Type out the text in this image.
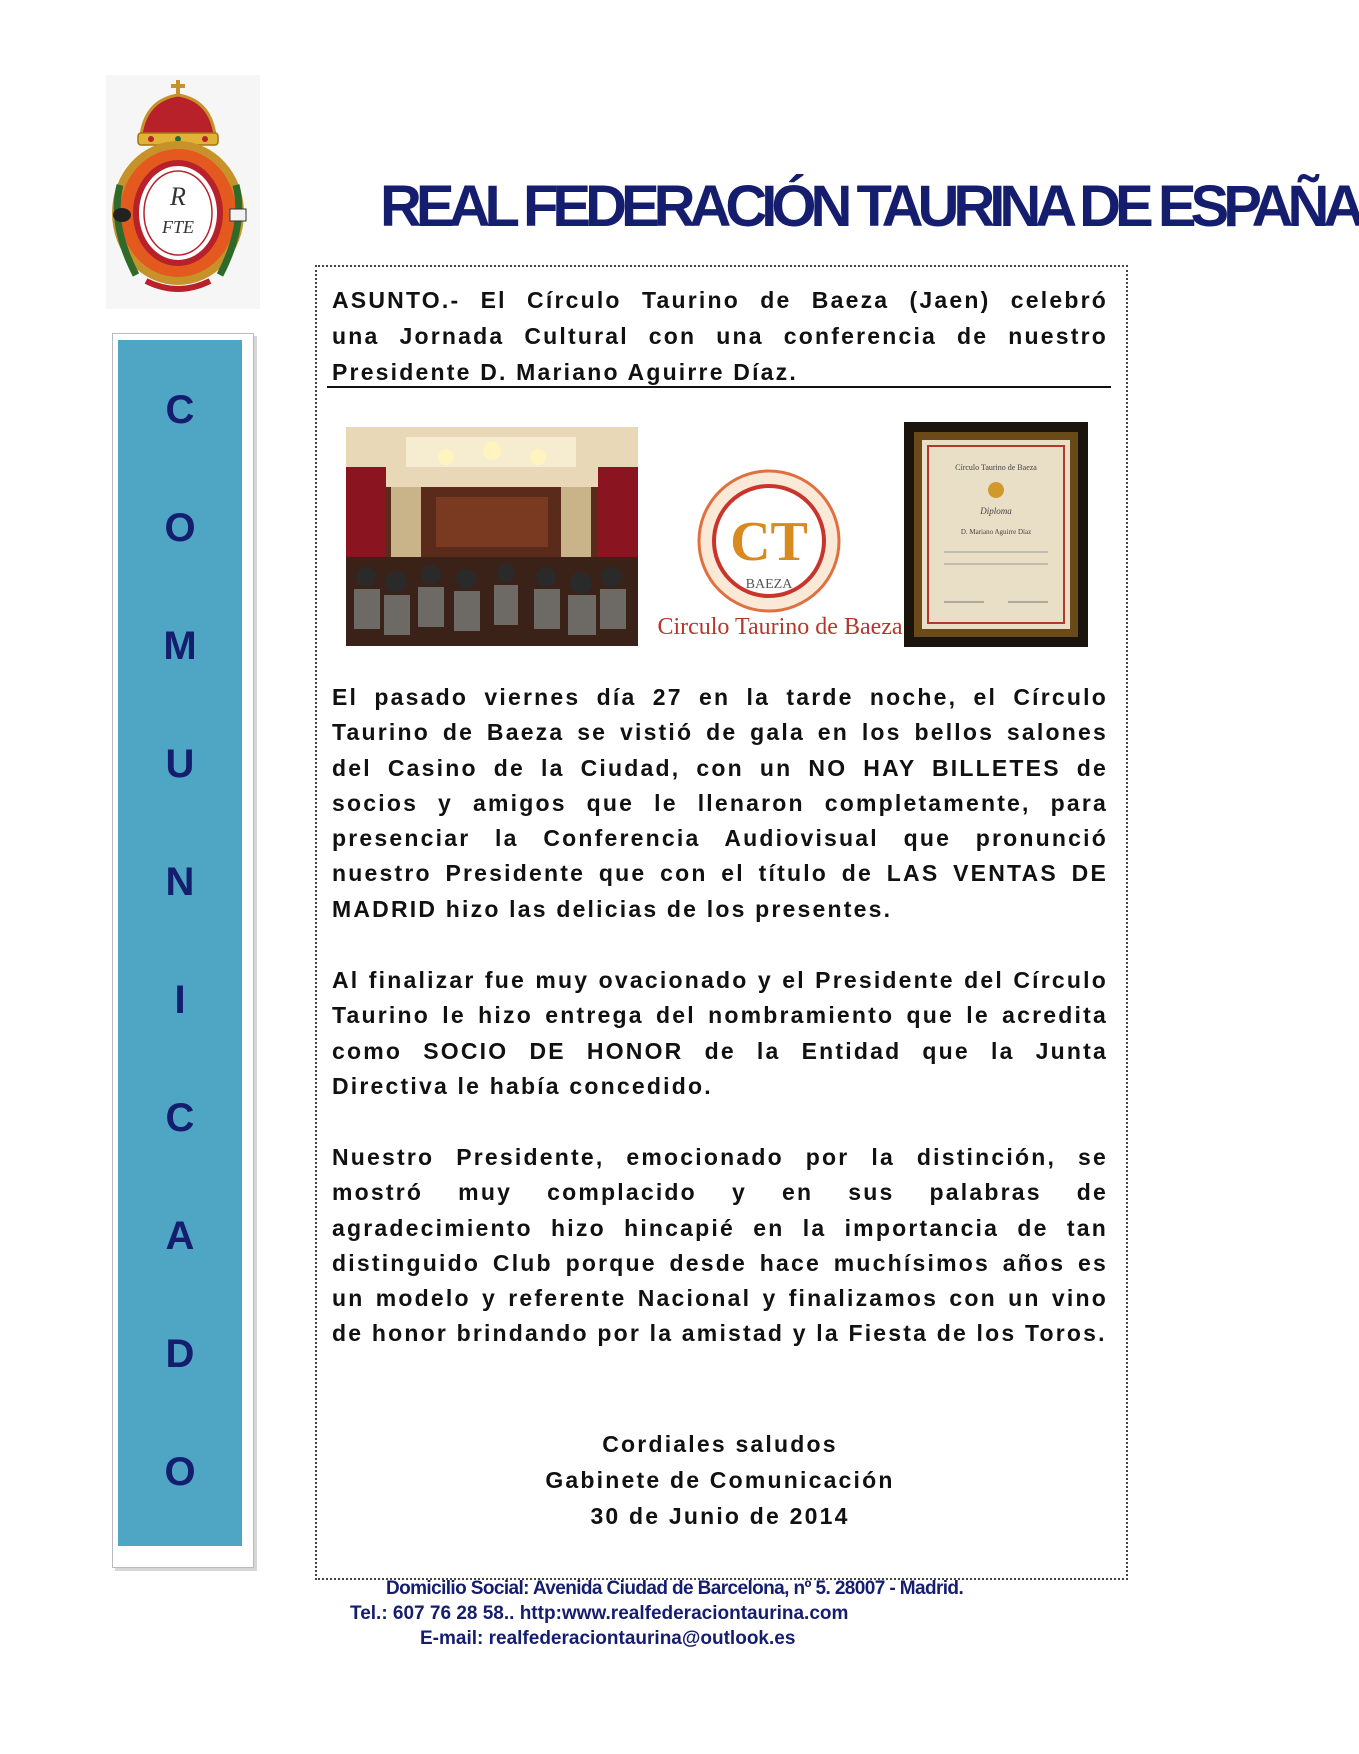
R
FTE	REAL FEDERACIÓN TAURINA DE ESPAÑA
C
O
M
U
N
I
C
A
D
O
ASUNTO.- El Círculo Taurino de Baeza (Jaen) celebró
una Jornada Cultural con una conferencia de nuestro
Presidente D. Mariano Aguirre Díaz.
CT
BAEZA
Circulo Taurino de Baeza
Círculo Taurino de Baeza
Diploma
D. Mariano Aguirre Díaz
El pasado viernes día 27 en la tarde noche, el Círculo Taurino de Baeza se vistió de gala en los bellos salones del Casino de la Ciudad, con un NO HAY BILLETES de socios y amigos que le llenaron completamente, para presenciar la Conferencia Audiovisual que pronunció nuestro Presidente que con el título de LAS VENTAS DE MADRID hizo las delicias de los presentes.
Al finalizar fue muy ovacionado y el Presidente del Círculo Taurino le hizo entrega del nombramiento que le acredita como SOCIO DE HONOR de la Entidad que la Junta Directiva le había concedido.
Nuestro Presidente, emocionado por la distinción, se mostró muy complacido y en sus palabras de agradecimiento hizo hincapié en la importancia de tan distinguido Club porque desde hace muchísimos años es un modelo y referente Nacional y finalizamos con un vino de honor brindando por la amistad y la Fiesta de los Toros.
Cordiales saludos
Gabinete de Comunicación
30 de Junio de 2014
Domicilio Social: Avenida Ciudad de Barcelona, nº 5. 28007 - Madrid.
Tel.: 607 76 28 58.. http:www.realfederaciontaurina.com
E-mail: realfederaciontaurina@outlook.es
